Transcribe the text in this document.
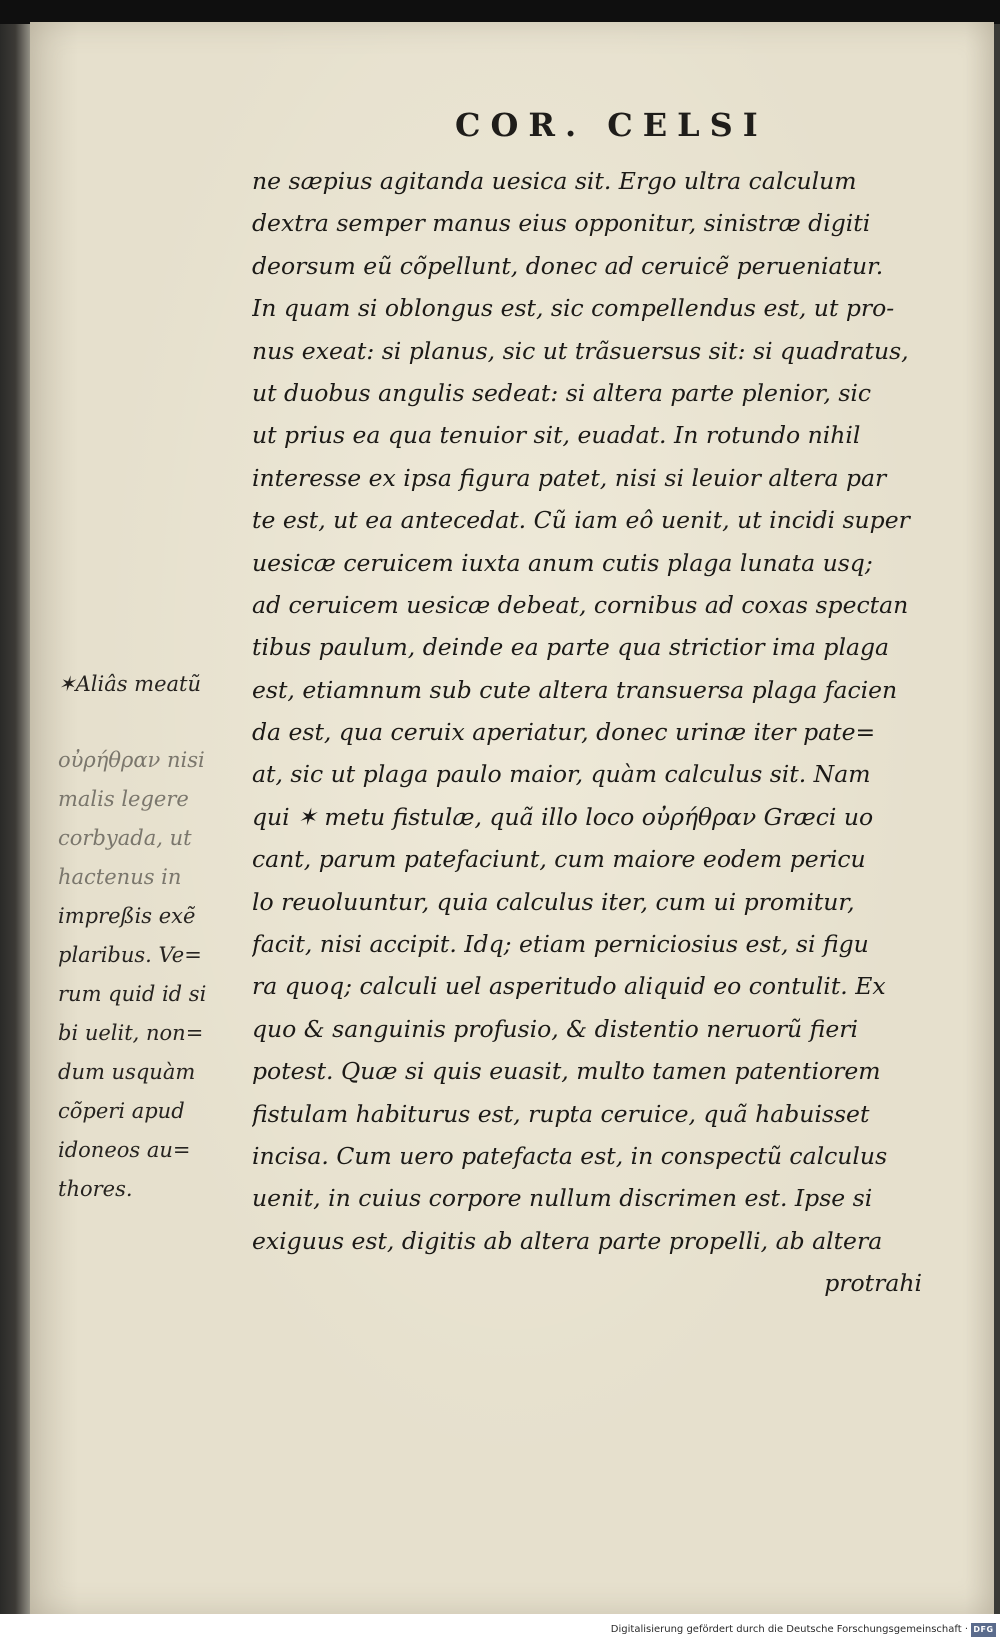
COR. CELSI
ne sæpius agitanda uesica sit. Ergo ultra calculum
dextra semper manus eius opponitur, sinistræ digiti
deorsum eũ cõpellunt, donec ad ceruicẽ perueniatur.
In quam si oblongus est, sic compellendus est, ut pro-
nus exeat: si planus, sic ut trãsuersus sit: si quadratus,
ut duobus angulis sedeat: si altera parte plenior, sic
ut prius ea qua tenuior sit, euadat. In rotundo nihil
interesse ex ipsa figura patet, nisi si leuior altera par
te est, ut ea antecedat. Cũ iam eô uenit, ut incidi super
uesicæ ceruicem iuxta anum cutis plaga lunata usq;
ad ceruicem uesicæ debeat, cornibus ad coxas spectan
tibus paulum, deinde ea parte qua strictior ima plaga
est, etiamnum sub cute altera transuersa plaga facien
da est, qua ceruix aperiatur, donec urinæ iter pate=
at, sic ut plaga paulo maior, quàm calculus sit. Nam
qui ✶ metu fistulæ, quã illo loco οὐρήθραν Græci uo
cant, parum patefaciunt, cum maiore eodem pericu
lo reuoluuntur, quia calculus iter, cum ui promitur,
facit, nisi accipit. Idq; etiam perniciosius est, si figu
ra quoq; calculi uel asperitudo aliquid eo contulit. Ex
quo & sanguinis profusio, & distentio neruorũ fieri
potest. Quæ si quis euasit, multo tamen patentiorem
fistulam habiturus est, rupta ceruice, quã habuisset
incisa. Cum uero patefacta est, in conspectũ calculus
uenit, in cuius corpore nullum discrimen est. Ipse si
exiguus est, digitis ab altera parte propelli, ab altera
protrahi
✶Aliâs meatũ
οὐρήθραν nisi
malis legere
corbyada, ut
hactenus in
impreßis exẽ
plaribus. Ve=
rum quid id si
bi uelit, non=
dum usquàm
cõperi apud
idoneos au=
thores.
Digitalisierung gefördert durch die Deutsche Forschungsgemeinschaft · DFG
